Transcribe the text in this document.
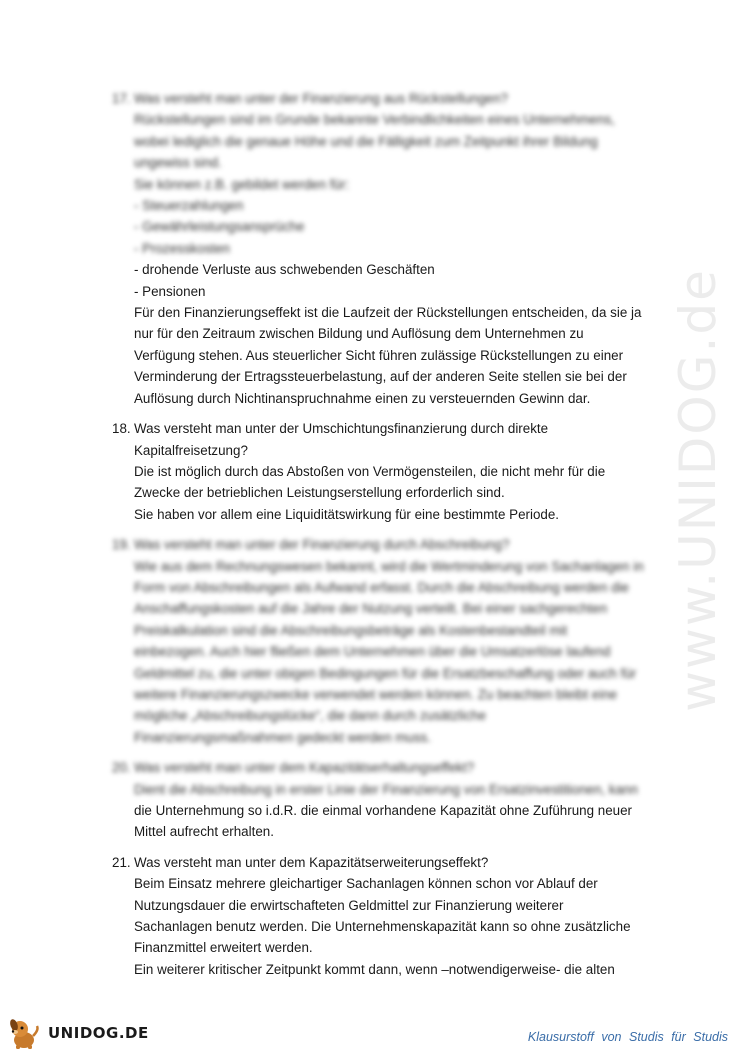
www.UNIDOG.de
17. Was versteht man unter der Finanzierung aus Rückstellungen?
Rückstellungen sind im Grunde bekannte Verbindlichkeiten eines Unternehmens,
wobei lediglich die genaue Höhe und die Fälligkeit zum Zeitpunkt ihrer Bildung
ungewiss sind.
Sie können z.B. gebildet werden für:
- Steuerzahlungen
- Gewährleistungsansprüche
- Prozesskosten
- drohende Verluste aus schwebenden Geschäften
- Pensionen
Für den Finanzierungseffekt ist die Laufzeit der Rückstellungen entscheiden, da sie ja
nur für den Zeitraum zwischen Bildung und Auflösung dem Unternehmen zu
Verfügung stehen. Aus steuerlicher Sicht führen zulässige Rückstellungen zu einer
Verminderung der Ertragssteuerbelastung, auf der anderen Seite stellen sie bei der
Auflösung durch Nichtinanspruchnahme einen zu versteuernden Gewinn dar.
18. Was versteht man unter der Umschichtungsfinanzierung durch direkte
Kapitalfreisetzung?
Die ist möglich durch das Abstoßen von Vermögensteilen, die nicht mehr für die
Zwecke der betrieblichen Leistungserstellung erforderlich sind.
Sie haben vor allem eine Liquiditätswirkung für eine bestimmte Periode.
19. Was versteht man unter der Finanzierung durch Abschreibung?
Wie aus dem Rechnungswesen bekannt, wird die Wertminderung von Sachanlagen in
Form von Abschreibungen als Aufwand erfasst. Durch die Abschreibung werden die
Anschaffungskosten auf die Jahre der Nutzung verteilt. Bei einer sachgerechten
Preiskalkulation sind die Abschreibungsbeträge als Kostenbestandteil mit
einbezogen. Auch hier fließen dem Unternehmen über die Umsatzerlöse laufend
Geldmittel zu, die unter obigen Bedingungen für die Ersatzbeschaffung oder auch für
weitere Finanzierungszwecke verwendet werden können. Zu beachten bleibt eine
mögliche „Abschreibungslücke“, die dann durch zusätzliche
Finanzierungsmaßnahmen gedeckt werden muss.
20. Was versteht man unter dem Kapazitätserhaltungseffekt?
Dient die Abschreibung in erster Linie der Finanzierung von Ersatzinvestitionen, kann
die Unternehmung so i.d.R. die einmal vorhandene Kapazität ohne Zuführung neuer
Mittel aufrecht erhalten.
21. Was versteht man unter dem Kapazitätserweiterungseffekt?
Beim Einsatz mehrere gleichartiger Sachanlagen können schon vor Ablauf der
Nutzungsdauer die erwirtschafteten Geldmittel zur Finanzierung weiterer
Sachanlagen benutz werden. Die Unternehmenskapazität kann so ohne zusätzliche
Finanzmittel erweitert werden.
Ein weiterer kritischer Zeitpunkt kommt dann, wenn –notwendigerweise- die alten
UNIDOG.DE	Klausurstoff von Studis für Studis
